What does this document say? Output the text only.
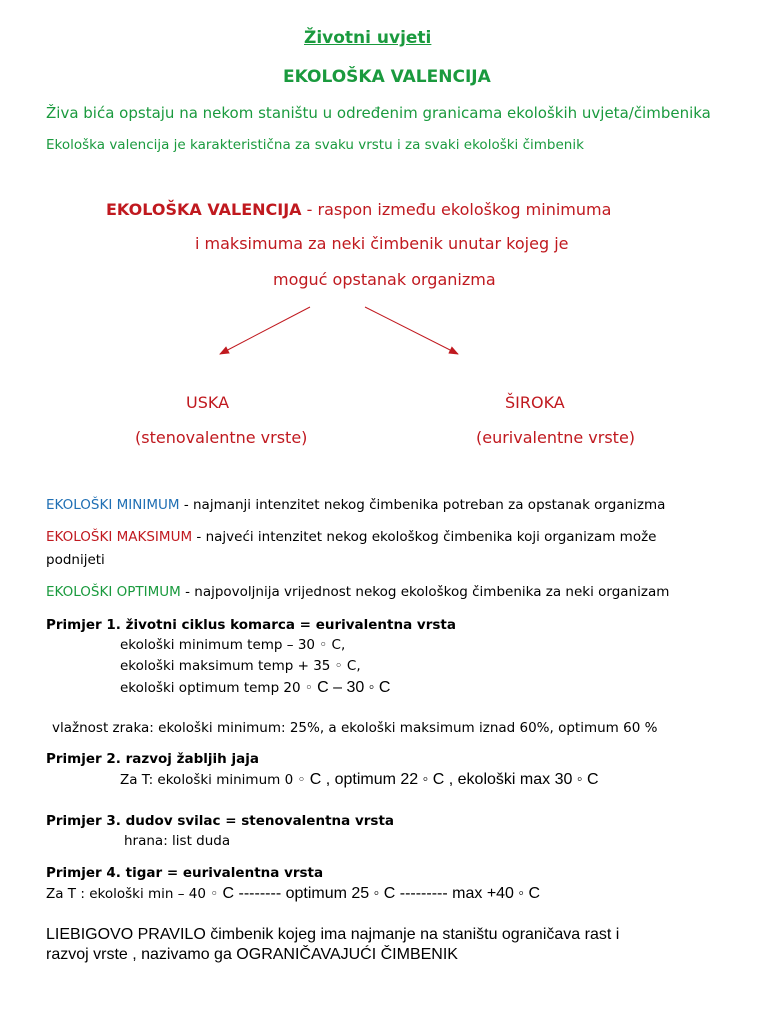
Životni uvjeti
EKOLOŠKA VALENCIJA
Živa bića opstaju na nekom staništu u određenim granicama ekoloških uvjeta/čimbenika
Ekološka valencija je karakteristična za svaku vrstu i za svaki ekološki čimbenik
EKOLOŠKA VALENCIJA - raspon između ekološkog minimuma
i maksimuma za neki čimbenik unutar kojeg je
moguć opstanak organizma
USKA
(stenovalentne vrste)
ŠIROKA
(eurivalentne vrste)
EKOLOŠKI MINIMUM - najmanji intenzitet nekog čimbenika potreban za opstanak organizma
EKOLOŠKI MAKSIMUM - najveći intenzitet nekog ekološkog čimbenika koji organizam može
podnijeti
EKOLOŠKI OPTIMUM - najpovoljnija vrijednost nekog ekološkog čimbenika za neki organizam
Primjer 1. životni ciklus komarca = eurivalentna vrsta
ekološki minimum temp – 30 ◦ C,
ekološki maksimum temp + 35 ◦ C,
ekološki optimum temp 20 ◦ C – 30 ◦ C
vlažnost zraka: ekološki minimum: 25%, a ekološki maksimum iznad 60%, optimum 60 %
Primjer 2. razvoj žabljih jaja
Za T: ekološki minimum 0 ◦ C , optimum 22 ◦ C , ekološki max 30 ◦ C
Primjer 3. dudov svilac = stenovalentna vrsta
hrana: list duda
Primjer 4. tigar = eurivalentna vrsta
Za T : ekološki min – 40 ◦ C -------- optimum 25 ◦ C --------- max +40 ◦ C
LIEBIGOVO PRAVILO čimbenik kojeg ima najmanje na staništu ograničava rast i
razvoj vrste , nazivamo ga OGRANIČAVAJUĆI ČIMBENIK
